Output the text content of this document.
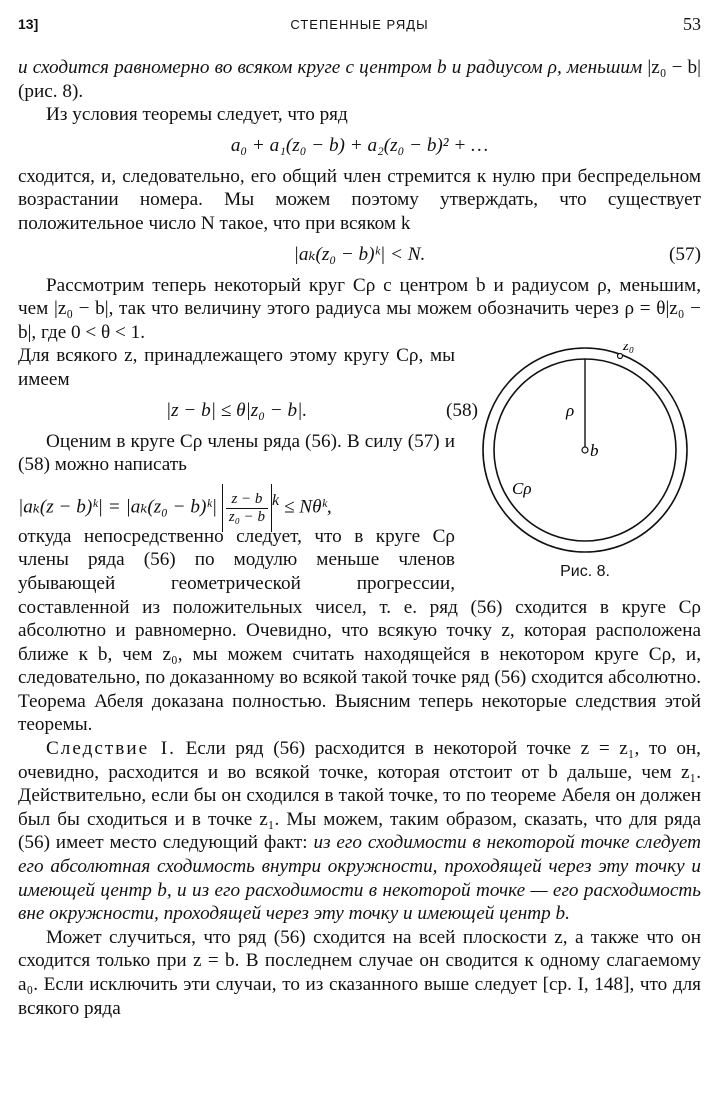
13]	СТЕПЕННЫЕ РЯДЫ	53

и сходится равномерно во всяком круге с центром b и радиусом ρ, меньшим |z₀ − b| (рис. 8).

Из условия теоремы следует, что ряд

a₀ + a₁(z₀ − b) + a₂(z₀ − b)² + …

сходится, и, следовательно, его общий член стремится к нулю при беспредельном возрастании номера. Мы можем поэтому утверждать, что существует положительное число N такое, что при всяком k

|aₖ(z₀ − b)ᵏ| < N.	(57)

Рассмотрим теперь некоторый круг Cρ с центром b и радиусом ρ, меньшим, чем |z₀ − b|, так что величину этого радиуса мы можем обозначить через ρ = θ|z₀ − b|, где 0 < θ < 1.

z₀
ρ
b
Cρ
Рис. 8.

Для всякого z, принадлежащего этому кругу Cρ, мы имеем

|z − b| ≤ θ|z₀ − b|.	(58)

Оценим в круге Cρ члены ряда (56). В силу (57) и (58) можно написать

|aₖ(z − b)ᵏ| = |aₖ(z₀ − b)ᵏ| $\frac{z - b}{\text{z₀ − b}} ^k$ ≤ Nθᵏ,

откуда непосредственно следует, что в круге Cρ члены ряда (56) по модулю меньше членов убывающей геометрической прогрессии, составленной из положительных чисел, т. е. ряд (56) сходится в круге Cρ абсолютно и равномерно. Очевидно, что всякую точку z, которая расположена ближе к b, чем z₀, мы можем считать находящейся в некотором круге Cρ, и, следовательно, по доказанному во всякой такой точке ряд (56) сходится абсолютно. Теорема Абеля доказана полностью. Выясним теперь некоторые следствия этой теоремы.

Следствие I. Если ряд (56) расходится в некоторой точке z = z₁, то он, очевидно, расходится и во всякой точке, которая отстоит от b дальше, чем z₁. Действительно, если бы он сходился в такой точке, то по теореме Абеля он должен был бы сходиться и в точке z₁. Мы можем, таким образом, сказать, что для ряда (56) имеет место следующий факт: из его сходимости в некоторой точке следует его абсолютная сходимость внутри окружности, проходящей через эту точку и имеющей центр b, и из его расходимости в некоторой точке — его расходимость вне окружности, проходящей через эту точку и имеющей центр b.

Может случиться, что ряд (56) сходится на всей плоскости z, а также что он сходится только при z = b. В последнем случае он сводится к одному слагаемому a₀. Если исключить эти случаи, то из сказанного выше следует [ср. I, 148], что для всякого ряда
